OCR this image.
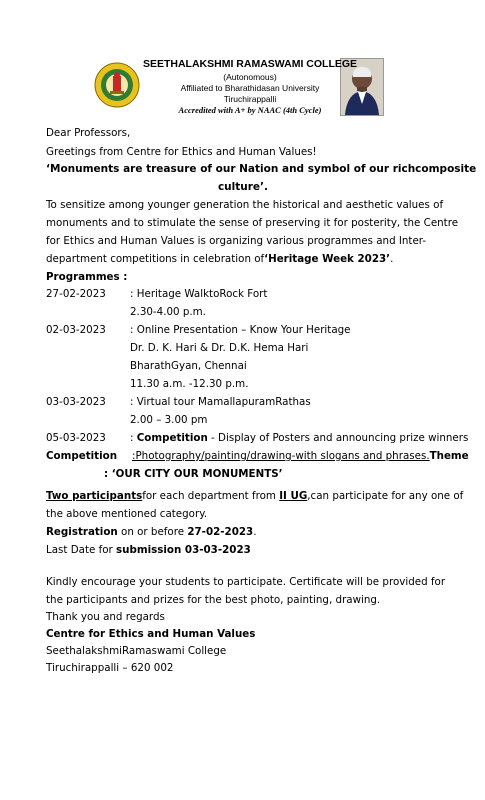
SEETHALAKSHMI RAMASWAMI COLLEGE
(Autonomous)
Affiliated to Bharathidasan University
Tiruchirappalli
Accredited with A+ by NAAC (4th Cycle)
Dear Professors,
Greetings from Centre for Ethics and Human Values!
‘Monuments are treasure of our Nation and symbol of our richcomposite
culture’.
To sensitize among younger generation the historical and aesthetic values of
monuments and to stimulate the sense of preserving it for posterity, the Centre
for Ethics and Human Values is organizing various programmes and Inter-
department competitions in celebration of‘Heritage Week 2023’.
Programmes :
27-02-2023 : Heritage WalktoRock Fort
2.30-4.00 p.m.
02-03-2023 : Online Presentation – Know Your Heritage
Dr. D. K. Hari & Dr. D.K. Hema Hari
BharathGyan, Chennai
11.30 a.m. -12.30 p.m.
03-03-2023 : Virtual tour MamallapuramRathas
2.00 – 3.00 pm
05-03-2023 : Competition - Display of Posters and announcing prize winners
Competition :Photography/painting/drawing-with slogans and phrases.Theme
: ‘OUR CITY OUR MONUMENTS’
Two participantsfor each department from II UG,can participate for any one of
the above mentioned category.
Registration on or before 27-02-2023.
Last Date for submission 03-03-2023
Kindly encourage your students to participate. Certificate will be provided for
the participants and prizes for the best photo, painting, drawing.
Thank you and regards
Centre for Ethics and Human Values
SeethalakshmiRamaswami College
Tiruchirappalli – 620 002
